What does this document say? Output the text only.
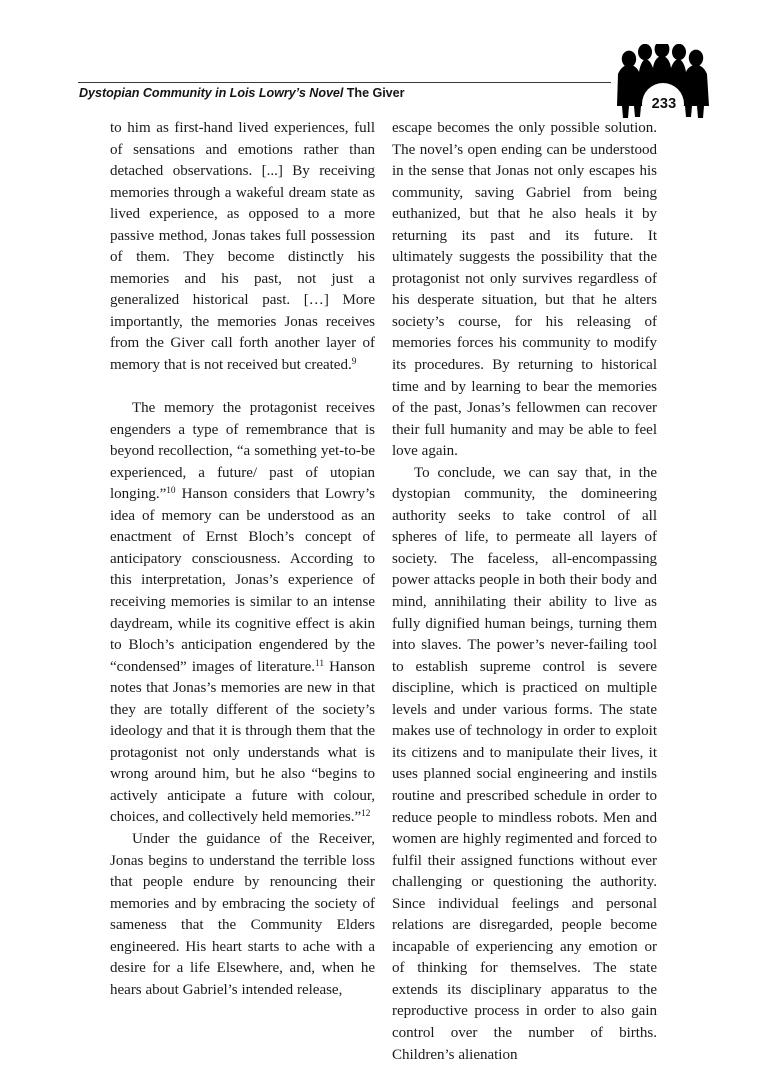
Dystopian Community in Lois Lowry’s Novel The Giver
233

to him as first-hand lived experiences, full of sensations and emotions rather than detached observations. [...] By receiving memories through a wakeful dream state as lived experience, as opposed to a more passive method, Jonas takes full possession of them. They become distinctly his memories and his past, not just a generalized historical past. […] More importantly, the memories Jonas receives from the Giver call forth another layer of memory that is not received but created.$^9$

The memory the protagonist receives engenders a type of remembrance that is beyond recollection, “a something yet-to-be experienced, a future/ past of utopian longing.”$^{10}$ Hanson considers that Lowry’s idea of memory can be understood as an enactment of Ernst Bloch’s concept of anticipatory consciousness. According to this interpretation, Jonas’s experience of receiving memories is similar to an intense daydream, while its cognitive effect is akin to Bloch’s anticipation engendered by the “condensed” images of literature.$^{11}$ Hanson notes that Jonas’s memories are new in that they are totally different of the society’s ideology and that it is through them that the protagonist not only understands what is wrong around him, but he also “begins to actively anticipate a future with colour, choices, and collectively held memories.”$^{12}$

Under the guidance of the Receiver, Jonas begins to understand the terrible loss that people endure by renouncing their memories and by embracing the society of sameness that the Community Elders engineered. His heart starts to ache with a desire for a life Elsewhere, and, when he hears about Gabriel’s intended release,

escape becomes the only possible solution. The novel’s open ending can be understood in the sense that Jonas not only escapes his community, saving Gabriel from being euthanized, but that he also heals it by returning its past and its future. It ultimately suggests the possibility that the protagonist not only survives regardless of his desperate situation, but that he alters society’s course, for his releasing of memories forces his community to modify its procedures. By returning to historical time and by learning to bear the memories of the past, Jonas’s fellowmen can recover their full humanity and may be able to feel love again.

To conclude, we can say that, in the dystopian community, the domineering authority seeks to take control of all spheres of life, to permeate all layers of society. The faceless, all-encompassing power attacks people in both their body and mind, annihilating their ability to live as fully dignified human beings, turning them into slaves. The power’s never-failing tool to establish supreme control is severe discipline, which is practiced on multiple levels and under various forms. The state makes use of technology in order to exploit its citizens and to manipulate their lives, it uses planned social engineering and instils routine and prescribed schedule in order to reduce people to mindless robots. Men and women are highly regimented and forced to fulfil their assigned functions without ever challenging or questioning the authority. Since individual feelings and personal relations are disregarded, people become incapable of experiencing any emotion or of thinking for themselves. The state extends its disciplinary apparatus to the reproductive process in order to also gain control over the number of births. Children’s alienation
